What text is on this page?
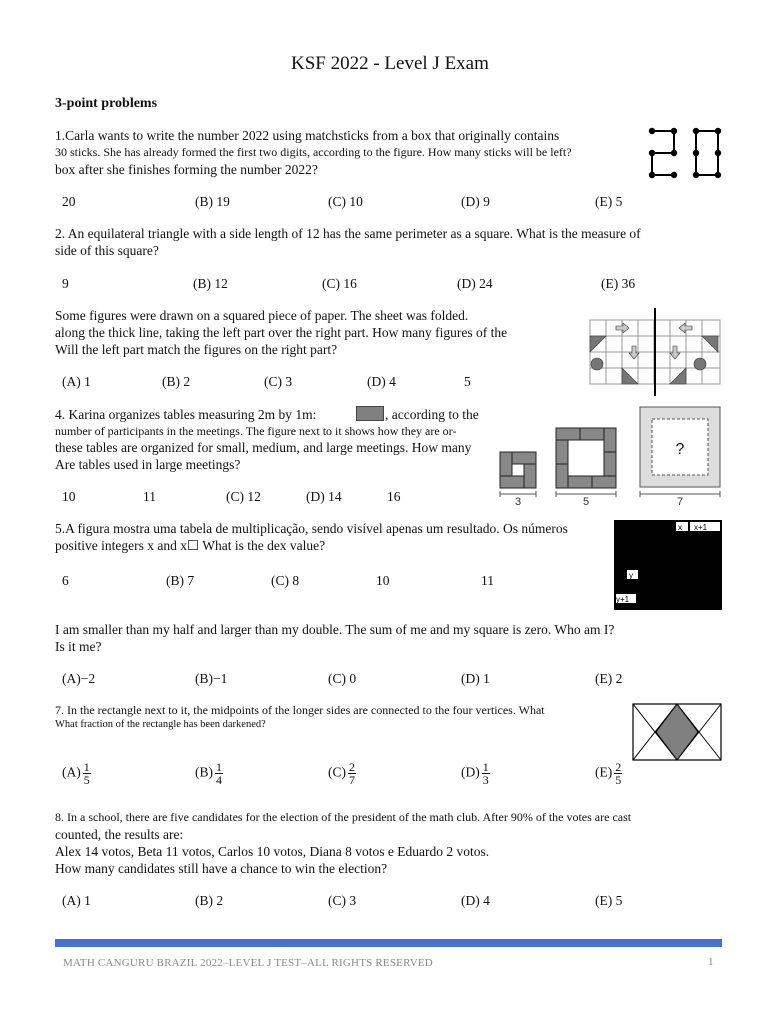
KSF 2022 - Level J Exam
3-point problems
1.Carla wants to write the number 2022 using matchsticks from a box that originally contains
30 sticks. She has already formed the first two digits, according to the figure. How many sticks will be left?
box after she finishes forming the number 2022?
20	(B) 19	(C) 10	(D) 9	(E) 5
2. An equilateral triangle with a side length of 12 has the same perimeter as a square. What is the measure of
side of this square?
9	(B) 12	(C) 16	(D) 24	(E) 36
Some figures were drawn on a squared piece of paper. The sheet was folded.
along the thick line, taking the left part over the right part. How many figures of the
Will the left part match the figures on the right part?
(A) 1	(B) 2	(C) 3	(D) 4	5
4. Karina organizes tables measuring 2m by 1m:	, according to the
number of participants in the meetings. The figure next to it shows how they are or-
these tables are organized for small, medium, and large meetings. How many
Are tables used in large meetings?
10	11	(C) 12	(D) 14	16
?
3	5	7
5.A figura mostra uma tabela de multiplicação, sendo visível apenas um resultado. Os números
positive integers x and x☐ What is the dex value?
6	(B) 7	(C) 8	10	11
x x+1
y
y+1
I am smaller than my half and larger than my double. The sum of me and my square is zero. Who am I?
Is it me?
(A)−2	(B)−1	(C) 0	(D) 1	(E) 2
7. In the rectangle next to it, the midpoints of the longer sides are connected to the four vertices. What
What fraction of the rectangle has been darkened?
$(A) \frac{1}{5}$	$(B) \frac{1}{4}$	$(C) \frac{2}{7}$	$(D) \frac{1}{3}$	$(E) \frac{2}{5}$
8. In a school, there are five candidates for the election of the president of the math club. After 90% of the votes are cast
counted, the results are:
Alex 14 votos, Beta 11 votos, Carlos 10 votos, Diana 8 votos e Eduardo 2 votos.
How many candidates still have a chance to win the election?
(A) 1	(B) 2	(C) 3	(D) 4	(E) 5
MATH CANGURU BRAZIL 2022–LEVEL J TEST–ALL RIGHTS RESERVED	1
